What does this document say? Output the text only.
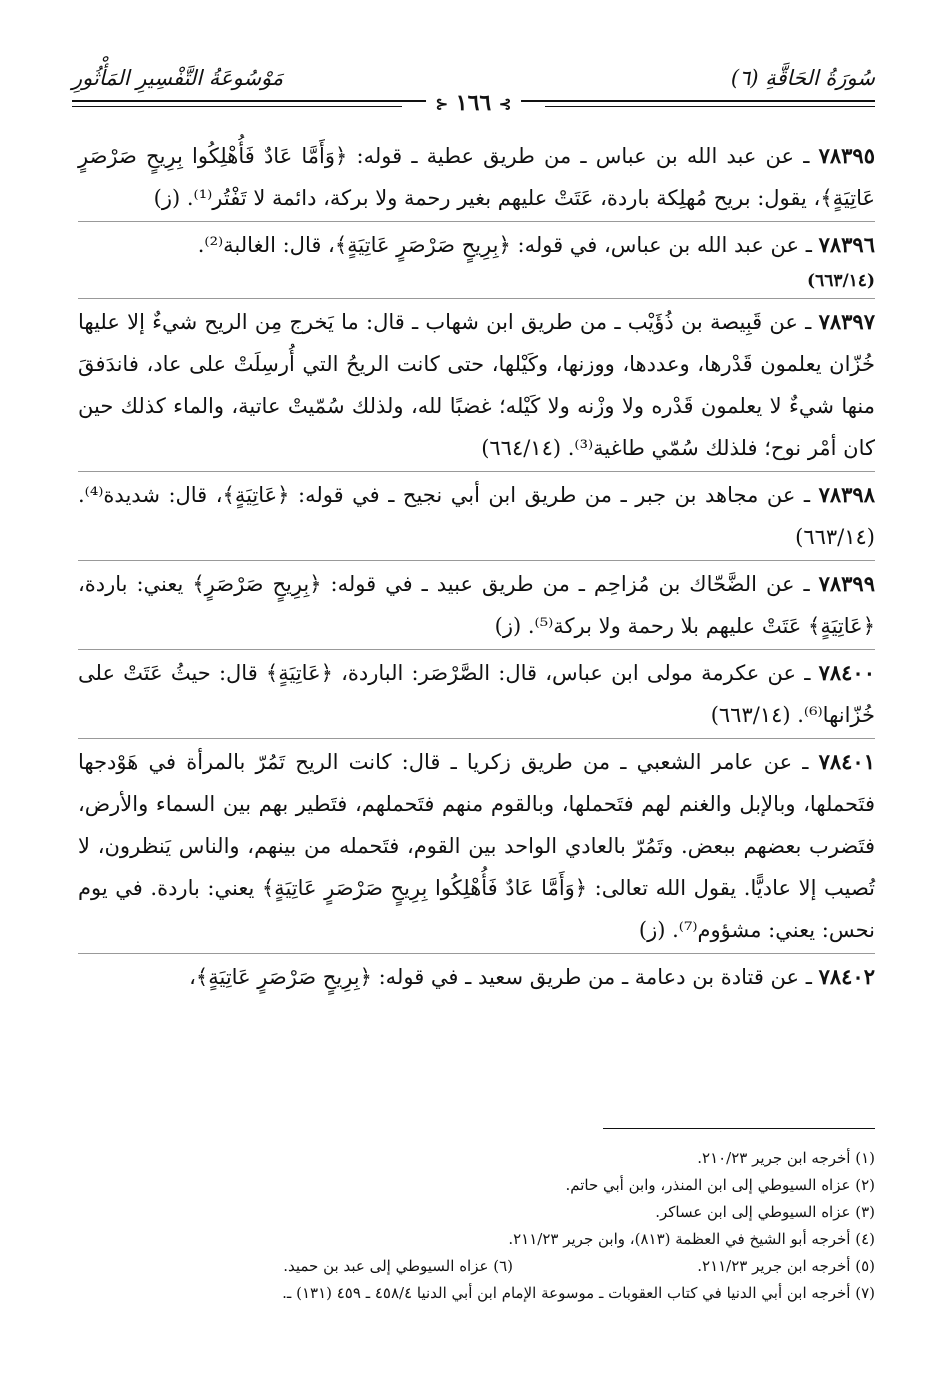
سُورَةُ الحَاقَّةِ (٦)
مَوْسُوعَةُ التَّفْسِيرِ المَأْثُورِ
⊱ ١٦٦ ⊰
٧٨٣٩٥ ـ عن عبد الله بن عباس ـ من طريق عطية ـ قوله: ﴿وَأَمَّا عَادٌ فَأُهْلِكُوا بِرِيحٍ صَرْصَرٍ عَاتِيَةٍ﴾، يقول: بريح مُهلِكة باردة، عَتَتْ عليهم بغير رحمة ولا بركة، دائمة لا تَفْتُر⁽¹⁾. (ز)
٧٨٣٩٦ ـ عن عبد الله بن عباس، في قوله: ﴿بِرِيحٍ صَرْصَرٍ عَاتِيَةٍ﴾، قال: الغالبة⁽²⁾.
(٦٦٣/١٤)
٧٨٣٩٧ ـ عن قَبِيصة بن ذُؤَيْب ـ من طريق ابن شهاب ـ قال: ما يَخرج مِن الريح شيءٌ إلا عليها خُزّان يعلمون قَدْرها، وعددها، ووزنها، وكَيْلها، حتى كانت الريحُ التي أُرسِلَتْ على عاد، فاندَفقَ منها شيءٌ لا يعلمون قَدْره ولا وزْنه ولا كَيْله؛ غضبًا لله، ولذلك سُمّيتْ عاتية، والماء كذلك حين كان أمْر نوح؛ فلذلك سُمّي طاغية⁽³⁾. (٦٦٤/١٤)
٧٨٣٩٨ ـ عن مجاهد بن جبر ـ من طريق ابن أبي نجيح ـ في قوله: ﴿عَاتِيَةٍ﴾، قال: شديدة⁽⁴⁾. (٦٦٣/١٤)
٧٨٣٩٩ ـ عن الضَّحّاك بن مُزاحِم ـ من طريق عبيد ـ في قوله: ﴿بِرِيحٍ صَرْصَرٍ﴾ يعني: باردة، ﴿عَاتِيَةٍ﴾ عَتَتْ عليهم بلا رحمة ولا بركة⁽⁵⁾. (ز)
٧٨٤٠٠ ـ عن عكرمة مولى ابن عباس، قال: الصَّرْصَر: الباردة، ﴿عَاتِيَةٍ﴾ قال: حيثُ عَتَتْ على خُزّانها⁽⁶⁾. (٦٦٣/١٤)
٧٨٤٠١ ـ عن عامر الشعبي ـ من طريق زكريا ـ قال: كانت الريح تَمُرّ بالمرأة في هَوْدجها فتَحملها، وبالإبل والغنم لهم فتَحملها، وبالقوم منهم فتَحملهم، فتَطير بهم بين السماء والأرض، فتَضرب بعضهم ببعض. وتَمُرّ بالعادي الواحد بين القوم، فتَحمله من بينهم، والناس يَنظرون، لا تُصيب إلا عاديًّا. يقول الله تعالى: ﴿وَأَمَّا عَادٌ فَأُهْلِكُوا بِرِيحٍ صَرْصَرٍ عَاتِيَةٍ﴾ يعني: باردة. في يوم نحس: يعني: مشؤوم⁽⁷⁾. (ز)
٧٨٤٠٢ ـ عن قتادة بن دعامة ـ من طريق سعيد ـ في قوله: ﴿بِرِيحٍ صَرْصَرٍ عَاتِيَةٍ﴾،
(١) أخرجه ابن جرير ٢١٠/٢٣.
(٢) عزاه السيوطي إلى ابن المنذر، وابن أبي حاتم.
(٣) عزاه السيوطي إلى ابن عساكر.
(٤) أخرجه أبو الشيخ في العظمة (٨١٣)، وابن جرير ٢١١/٢٣.
(٥) أخرجه ابن جرير ٢١١/٢٣.
(٦) عزاه السيوطي إلى عبد بن حميد.
(٧) أخرجه ابن أبي الدنيا في كتاب العقوبات ـ موسوعة الإمام ابن أبي الدنيا ٤٥٨/٤ ـ ٤٥٩ (١٣١) ـ.
